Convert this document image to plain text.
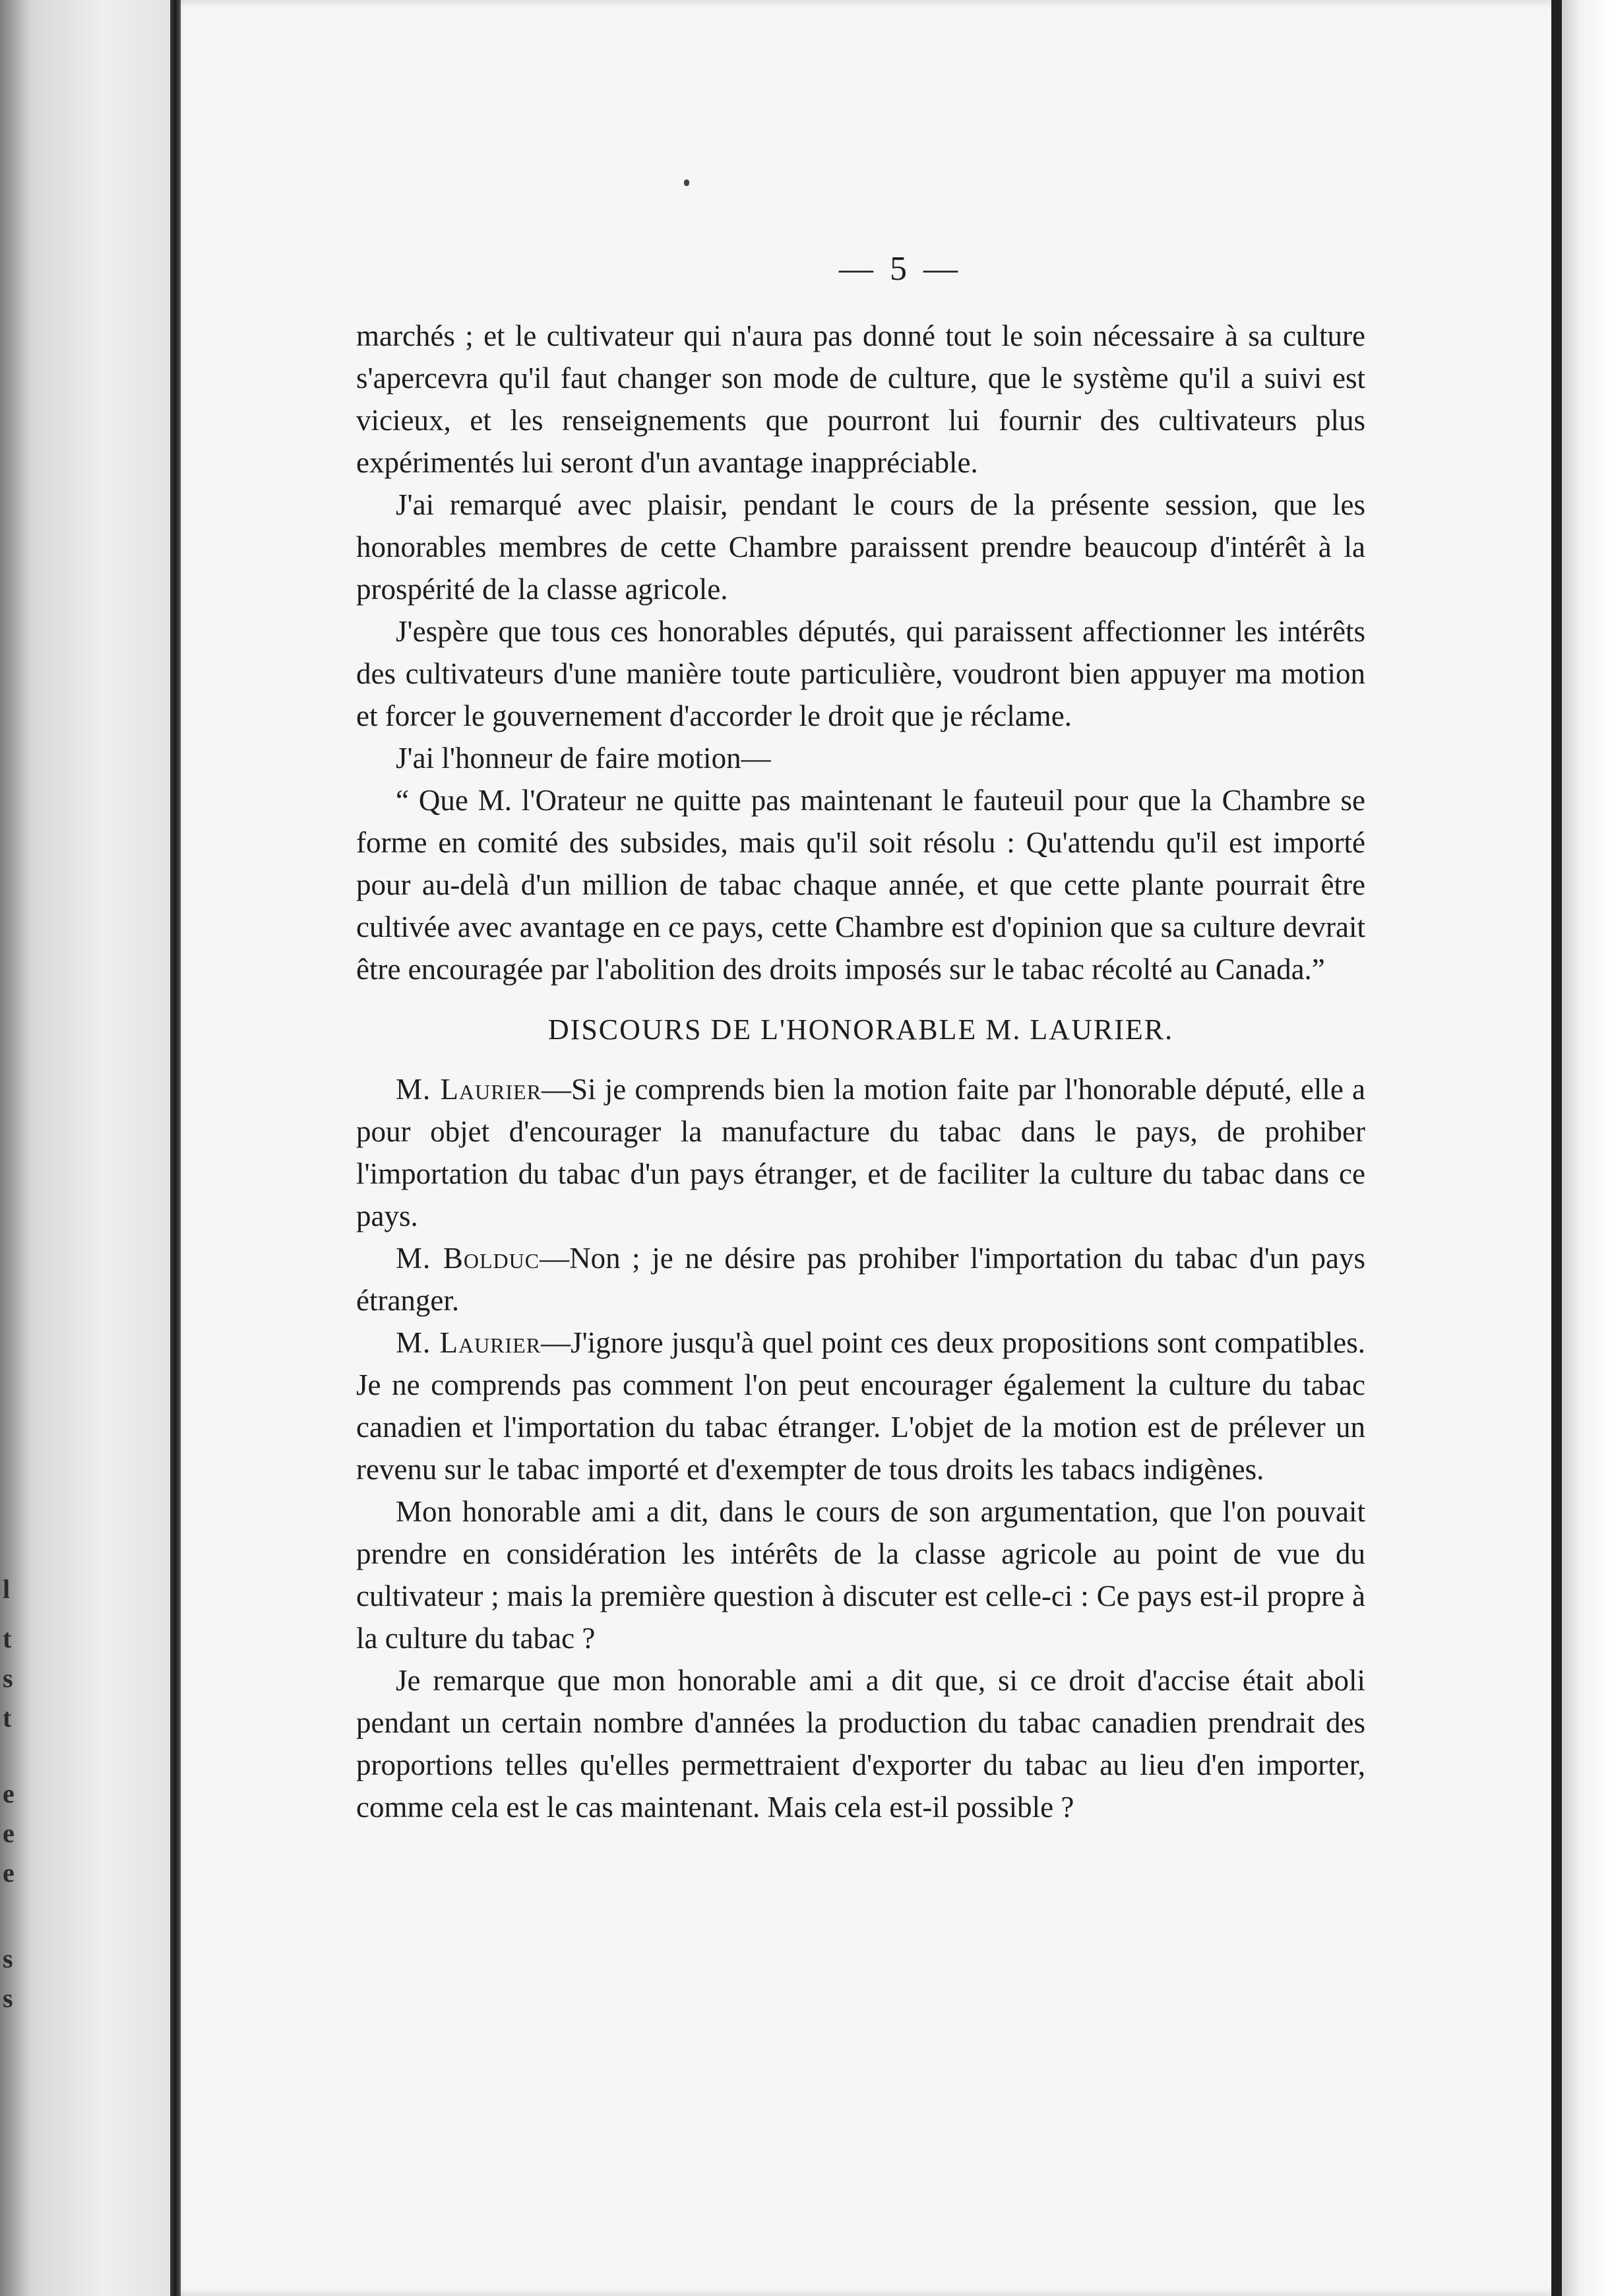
l
t
s
t
e
e
e
s
s
— 5 —

marchés ; et le cultivateur qui n'aura pas donné tout le soin nécessaire à sa culture s'apercevra qu'il faut changer son mode de culture, que le système qu'il a suivi est vicieux, et les renseignements que pourront lui fournir des cultivateurs plus expérimentés lui seront d'un avantage inappréciable.

J'ai remarqué avec plaisir, pendant le cours de la présente session, que les honorables membres de cette Chambre paraissent prendre beaucoup d'intérêt à la prospérité de la classe agricole.

J'espère que tous ces honorables députés, qui paraissent affectionner les intérêts des cultivateurs d'une manière toute particulière, voudront bien appuyer ma motion et forcer le gouvernement d'accorder le droit que je réclame.

J'ai l'honneur de faire motion—

“ Que M. l'Orateur ne quitte pas maintenant le fauteuil pour que la Chambre se forme en comité des subsides, mais qu'il soit résolu : Qu'attendu qu'il est importé pour au-delà d'un million de tabac chaque année, et que cette plante pourrait être cultivée avec avantage en ce pays, cette Chambre est d'opinion que sa culture devrait être encouragée par l'abolition des droits imposés sur le tabac récolté au Canada.”

DISCOURS DE L'HONORABLE M. LAURIER.

M. Laurier—Si je comprends bien la motion faite par l'honorable député, elle a pour objet d'encourager la manufacture du tabac dans le pays, de prohiber l'importation du tabac d'un pays étranger, et de faciliter la culture du tabac dans ce pays.

M. Bolduc—Non ; je ne désire pas prohiber l'importation du tabac d'un pays étranger.

M. Laurier—J'ignore jusqu'à quel point ces deux propositions sont compatibles. Je ne comprends pas comment l'on peut encourager également la culture du tabac canadien et l'importation du tabac étranger. L'objet de la motion est de prélever un revenu sur le tabac importé et d'exempter de tous droits les tabacs indigènes.

Mon honorable ami a dit, dans le cours de son argumentation, que l'on pouvait prendre en considération les intérêts de la classe agricole au point de vue du cultivateur ; mais la première question à discuter est celle-ci : Ce pays est-il propre à la culture du tabac ?

Je remarque que mon honorable ami a dit que, si ce droit d'accise était aboli pendant un certain nombre d'années la production du tabac canadien prendrait des proportions telles qu'elles permettraient d'exporter du tabac au lieu d'en importer, comme cela est le cas maintenant. Mais cela est-il possible ?
